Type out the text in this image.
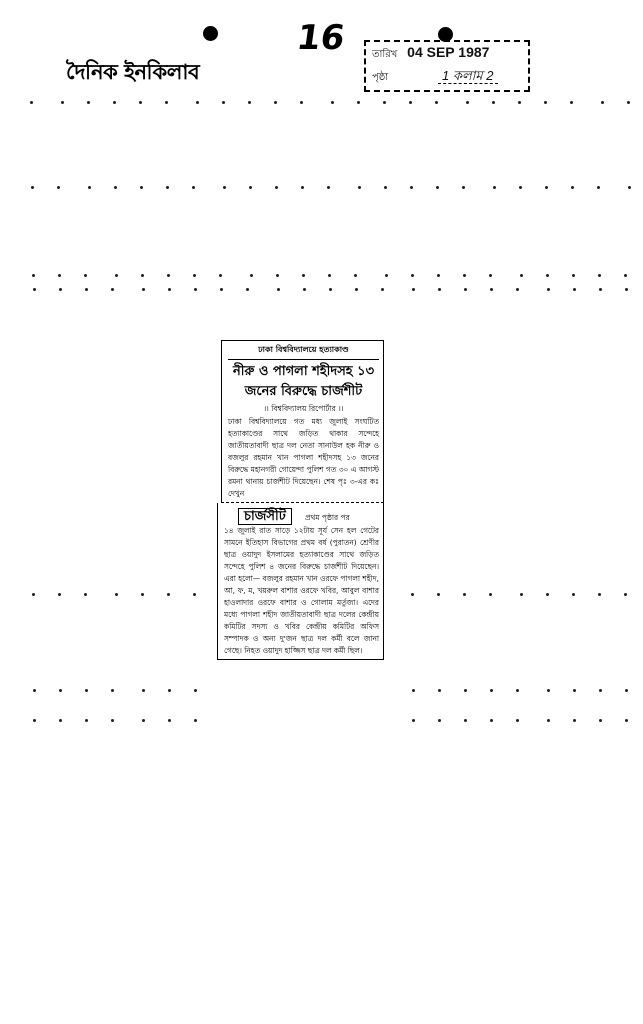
দৈনিক ইনকিলাব
16 তারিখ 04 SEP 1987
পৃষ্ঠা	1 কলাম 2
ঢাকা বিশ্ববিদ্যালয়ে হত্যাকাণ্ড
নীরু ও পাগলা শহীদসহ ১৩ জনের বিরুদ্ধে চার্জশীট
।। বিশ্ববিদ্যালয় রিপোর্টার ।।

ঢাকা বিশ্ববিদ্যালয়ে গত মধ্য জুলাই সংঘটিত হত্যাকাণ্ডের সাথে জড়িত থাকার সন্দেহে জাতীয়তাবাদী ছাত্র দল নেতা সানাউল হক নীরু ও বজলুর রহমান খান পাগলা শহীদসহ ১৩ জনের বিরুদ্ধে মহানগরী গোয়েন্দা পুলিশ গত ৩০ এ আগস্ট রমনা থানায় চার্জশীট দিয়েছেন। শেষ পৃঃ ৩-এর কঃ দেখুন

চার্জসীট	প্রথম পৃষ্ঠার পর

১৪ জুলাই রাত সাড়ে ১২টায় সূর্য সেন হল গেটের সামনে ইতিহাস বিভাগের প্রথম বর্ষ (পুরাতন) শ্রেণীর ছাত্র ওয়াদুদ ইসলামের হত্যাকাণ্ডের সাথে জড়িত সন্দেহে পুলিশ ৪ জনের বিরুদ্ধে চার্জশীট দিয়েছেন। এরা হলো— বজলুর রহমান খান ওরফে পাগলা শহীদ, আ, ফ, ম, খয়রুল বাশার ওরফে খবির, আবুল বাশার হাওলাদার ওরফে বাশার ও গোলাম মর্তুজা। এদের মধ্যে পাগলা শহীদ জাতীয়তাবাদী ছাত্র দলের কেন্দ্রীয় কমিটির সদস্য ও খবির কেন্দ্রীয় কমিটির অফিস সম্পাদক ও অন্য দু'জন ছাত্র দল কর্মী বলে জানা গেছে। নিহত ওয়াদুদ হাজ্জিস ছাত্র দল কর্মী ছিল।
